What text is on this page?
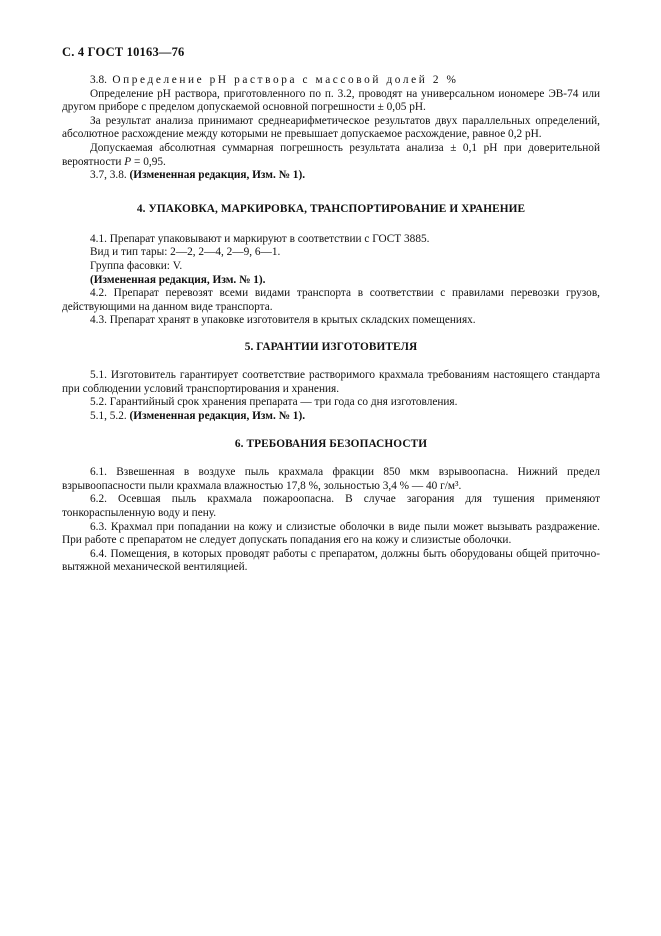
С. 4 ГОСТ 10163—76

3.8. Определение рН раствора с массовой долей 2 %

Определение рН раствора, приготовленного по п. 3.2, проводят на универсальном иономере ЭВ-74 или другом приборе с пределом допускаемой основной погрешности ± 0,05 рН.

За результат анализа принимают среднеарифметическое результатов двух параллельных определений, абсолютное расхождение между которыми не превышает допускаемое расхождение, равное 0,2 рН.

Допускаемая абсолютная суммарная погрешность результата анализа ± 0,1 рН при доверительной вероятности P = 0,95.

3.7, 3.8. (Измененная редакция, Изм. № 1).

4. УПАКОВКА, МАРКИРОВКА, ТРАНСПОРТИРОВАНИЕ И ХРАНЕНИЕ

4.1. Препарат упаковывают и маркируют в соответствии с ГОСТ 3885.

Вид и тип тары: 2—2, 2—4, 2—9, 6—1.

Группа фасовки: V.

(Измененная редакция, Изм. № 1).

4.2. Препарат перевозят всеми видами транспорта в соответствии с правилами перевозки грузов, действующими на данном виде транспорта.

4.3. Препарат хранят в упаковке изготовителя в крытых складских помещениях.

5. ГАРАНТИИ ИЗГОТОВИТЕЛЯ

5.1. Изготовитель гарантирует соответствие растворимого крахмала требованиям настоящего стандарта при соблюдении условий транспортирования и хранения.

5.2. Гарантийный срок хранения препарата — три года со дня изготовления.

5.1, 5.2. (Измененная редакция, Изм. № 1).

6. ТРЕБОВАНИЯ БЕЗОПАСНОСТИ

6.1. Взвешенная в воздухе пыль крахмала фракции 850 мкм взрывоопасна. Нижний предел взрывоопасности пыли крахмала влажностью 17,8 %, зольностью 3,4 % — 40 г/м³.

6.2. Осевшая пыль крахмала пожароопасна. В случае загорания для тушения применяют тонкораспыленную воду и пену.

6.3. Крахмал при попадании на кожу и слизистые оболочки в виде пыли может вызывать раздражение. При работе с препаратом не следует допускать попадания его на кожу и слизистые оболочки.

6.4. Помещения, в которых проводят работы с препаратом, должны быть оборудованы общей приточно-вытяжной механической вентиляцией.
